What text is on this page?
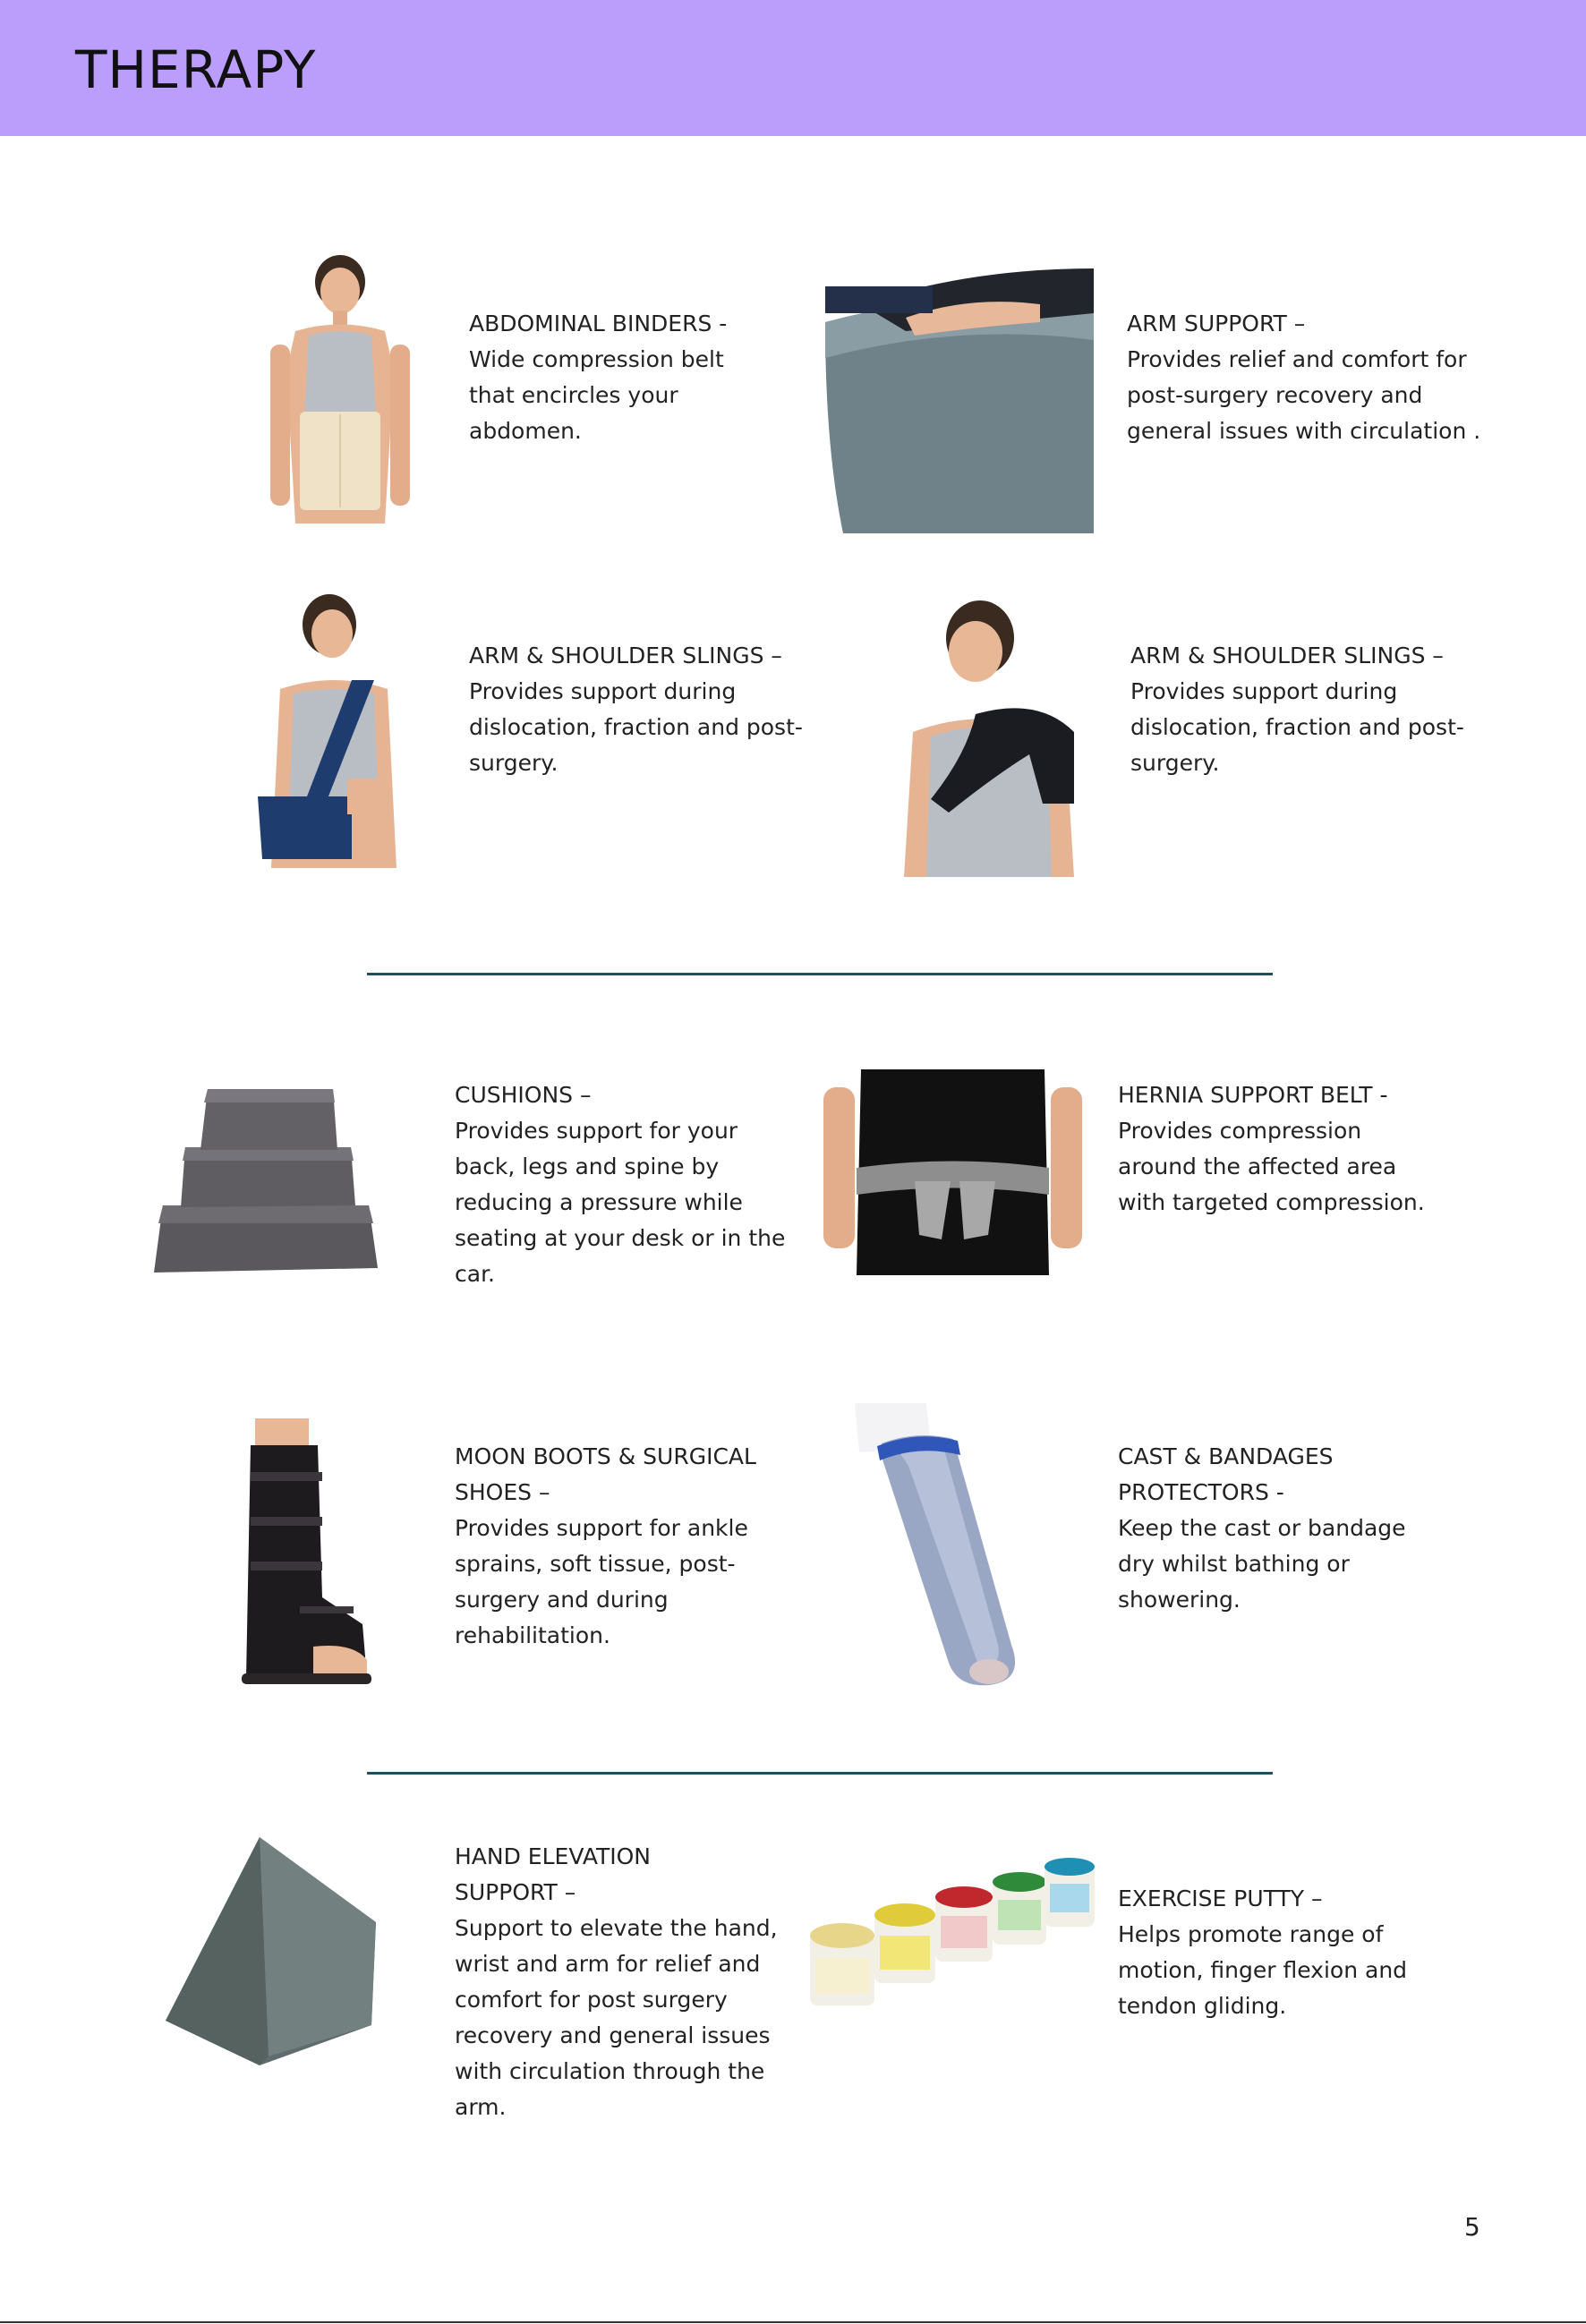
THERAPY
ABDOMINAL BINDERS -
Wide compression belt
that encircles your
abdomen.
ARM SUPPORT –
Provides relief and comfort for
post-surgery recovery and
general issues with circulation .
ARM & SHOULDER SLINGS –
Provides support during
dislocation, fraction and post-
surgery.
ARM & SHOULDER SLINGS –
Provides support during
dislocation, fraction and post-
surgery.
CUSHIONS –
Provides support for your
back, legs and spine by
reducing a pressure while
seating at your desk or in the
car.
HERNIA SUPPORT BELT -
Provides compression
around the affected area
with targeted compression.
MOON BOOTS & SURGICAL
SHOES –
Provides support for ankle
sprains, soft tissue, post-
surgery and during
rehabilitation.
CAST & BANDAGES
PROTECTORS -
Keep the cast or bandage
dry whilst bathing or
showering.
HAND ELEVATION
SUPPORT –
Support to elevate the hand,
wrist and arm for relief and
comfort for post surgery
recovery and general issues
with circulation through the
arm.
EXERCISE PUTTY –
Helps promote range of
motion, finger flexion and
tendon gliding.
5
